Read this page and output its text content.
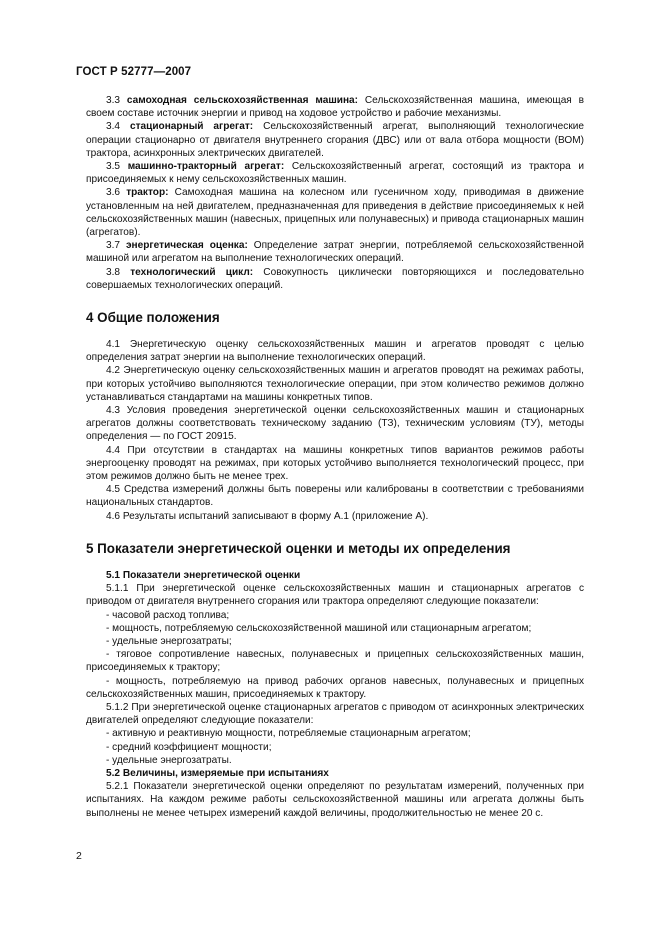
ГОСТ Р 52777—2007

3.3 самоходная сельскохозяйственная машина: Сельскохозяйственная машина, имеющая в своем составе источник энергии и привод на ходовое устройство и рабочие механизмы.

3.4 стационарный агрегат: Сельскохозяйственный агрегат, выполняющий технологические операции стационарно от двигателя внутреннего сгорания (ДВС) или от вала отбора мощности (ВОМ) трактора, асинхронных электрических двигателей.

3.5 машинно-тракторный агрегат: Сельскохозяйственный агрегат, состоящий из трактора и присоединяемых к нему сельскохозяйственных машин.

3.6 трактор: Самоходная машина на колесном или гусеничном ходу, приводимая в движение установленным на ней двигателем, предназначенная для приведения в действие присоединяемых к ней сельскохозяйственных машин (навесных, прицепных или полунавесных) и привода стационарных машин (агрегатов).

3.7 энергетическая оценка: Определение затрат энергии, потребляемой сельскохозяйственной машиной или агрегатом на выполнение технологических операций.

3.8 технологический цикл: Совокупность циклически повторяющихся и последовательно совершаемых технологических операций.

4 Общие положения

4.1 Энергетическую оценку сельскохозяйственных машин и агрегатов проводят с целью определения затрат энергии на выполнение технологических операций.

4.2 Энергетическую оценку сельскохозяйственных машин и агрегатов проводят на режимах работы, при которых устойчиво выполняются технологические операции, при этом количество режимов должно устанавливаться стандартами на машины конкретных типов.

4.3 Условия проведения энергетической оценки сельскохозяйственных машин и стационарных агрегатов должны соответствовать техническому заданию (ТЗ), техническим условиям (ТУ), методы определения — по ГОСТ 20915.

4.4 При отсутствии в стандартах на машины конкретных типов вариантов режимов работы энергооценку проводят на режимах, при которых устойчиво выполняется технологический процесс, при этом режимов должно быть не менее трех.

4.5 Средства измерений должны быть поверены или калиброваны в соответствии с требованиями национальных стандартов.

4.6 Результаты испытаний записывают в форму А.1 (приложение А).

5 Показатели энергетической оценки и методы их определения

5.1 Показатели энергетической оценки

5.1.1 При энергетической оценке сельскохозяйственных машин и стационарных агрегатов с приводом от двигателя внутреннего сгорания или трактора определяют следующие показатели:

- часовой расход топлива;

- мощность, потребляемую сельскохозяйственной машиной или стационарным агрегатом;

- удельные энергозатраты;

- тяговое сопротивление навесных, полунавесных и прицепных сельскохозяйственных машин, присоединяемых к трактору;

- мощность, потребляемую на привод рабочих органов навесных, полунавесных и прицепных сельскохозяйственных машин, присоединяемых к трактору.

5.1.2 При энергетической оценке стационарных агрегатов с приводом от асинхронных электрических двигателей определяют следующие показатели:

- активную и реактивную мощности, потребляемые стационарным агрегатом;

- средний коэффициент мощности;

- удельные энергозатраты.

5.2 Величины, измеряемые при испытаниях

5.2.1 Показатели энергетической оценки определяют по результатам измерений, полученных при испытаниях. На каждом режиме работы сельскохозяйственной машины или агрегата должны быть выполнены не менее четырех измерений каждой величины, продолжительностью не менее 20 с.

2
